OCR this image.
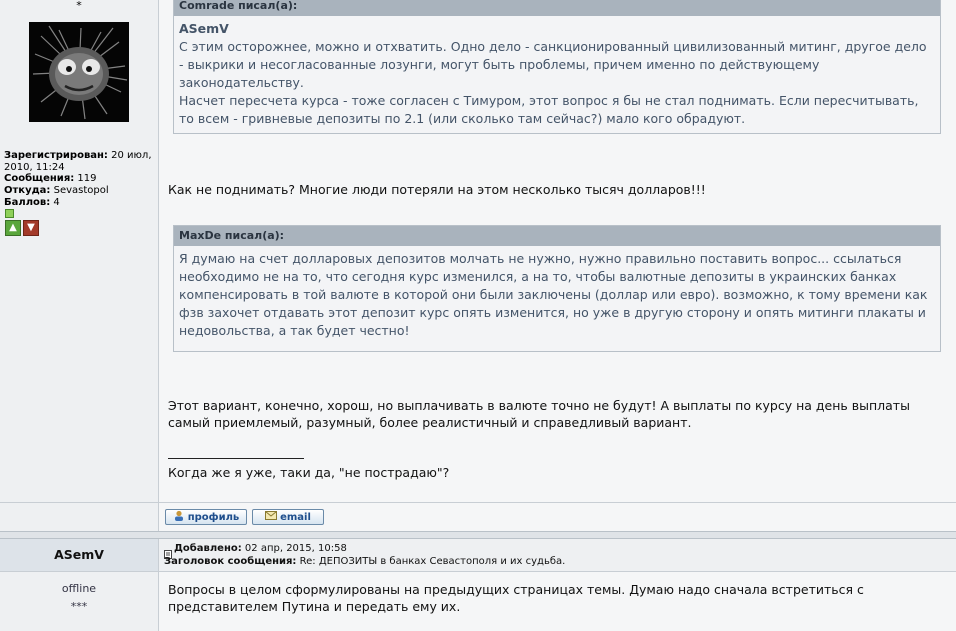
*
Зарегистрирован: 20 июл, 2010, 11:24
Сообщения: 119
Откуда: Sevastopol
Баллов: 4
▲	▼
Comrade писал(а):
ASemV
С этим осторожнее, можно и отхватить. Одно дело - санкционированный цивилизованный митинг, другое дело - выкрики и несогласованные лозунги, могут быть проблемы, причем именно по действующему законодательству.
Насчет пересчета курса - тоже согласен с Тимуром, этот вопрос я бы не стал поднимать. Если пересчитывать, то всем - гривневые депозиты по 2.1 (или сколько там сейчас?) мало кого обрадуют.
Как не поднимать? Многие люди потеряли на этом несколько тысяч долларов!!!
MaxDe писал(а):
Я думаю на счет долларовых депозитов молчать не нужно, нужно правильно поставить вопрос... ссылаться необходимо не на то, что сегодня курс изменился, а на то, чтобы валютные депозиты в украинских банках компенсировать в той валюте в которой они были заключены (доллар или евро). возможно, к тому времени как фзв захочет отдавать этот депозит курс опять изменится, но уже в другую сторону и опять митинги плакаты и недовольства, а так будет честно!
Этот вариант, конечно, хорош, но выплачивать в валюте точно не будут! А выплаты по курсу на день выплаты самый приемлемый, разумный, более реалистичный и справедливый вариант.
Когда же я уже, таки да, "не пострадаю"?
профиль	email
ASemV	Добавлено: 02 апр, 2015, 10:58
Заголовок сообщения: Re: ДЕПОЗИТЫ в банках Севастополя и их судьба.
offline
***
Вопросы в целом сформулированы на предыдущих страницах темы. Думаю надо сначала встретиться с представителем Путина и передать ему их.
